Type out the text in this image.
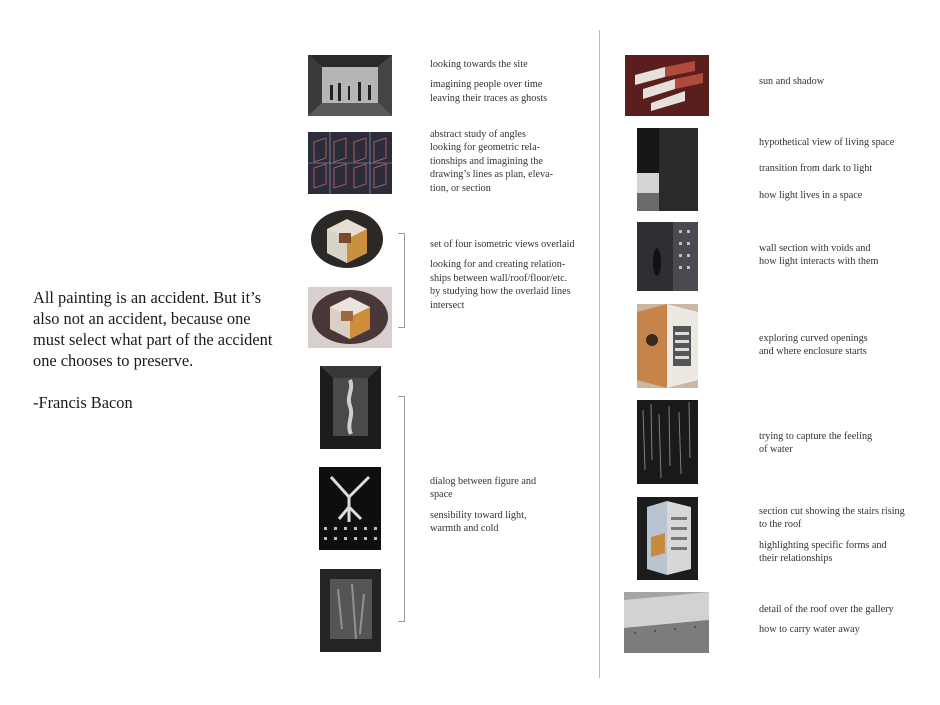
All painting is an accident. But it’s

also not an accident, because one

must select what part of the accident

one chooses to preserve.

-Francis Bacon

looking towards the site
imagining people over time
leaving their traces as ghosts
abstract study of angles
looking for geometric rela-
tionships and imagining the
drawing’s lines as plan, eleva-
tion, or section
set of four isometric views overlaid
looking for and creating relation-
ships between wall/roof/floor/etc.
by studying how the overlaid lines
intersect
dialog between figure and
space
sensibility toward light,
warmth and cold
sun and shadow
hypothetical view of living space
transition from dark to light
how light lives in a space
wall section with voids and
how light interacts with them
exploring curved openings
and where enclosure starts
trying to capture the feeling
of water
section cut showing the stairs rising
to the roof
highlighting specific forms and
their relationships
detail of the roof over the gallery
how to carry water away
